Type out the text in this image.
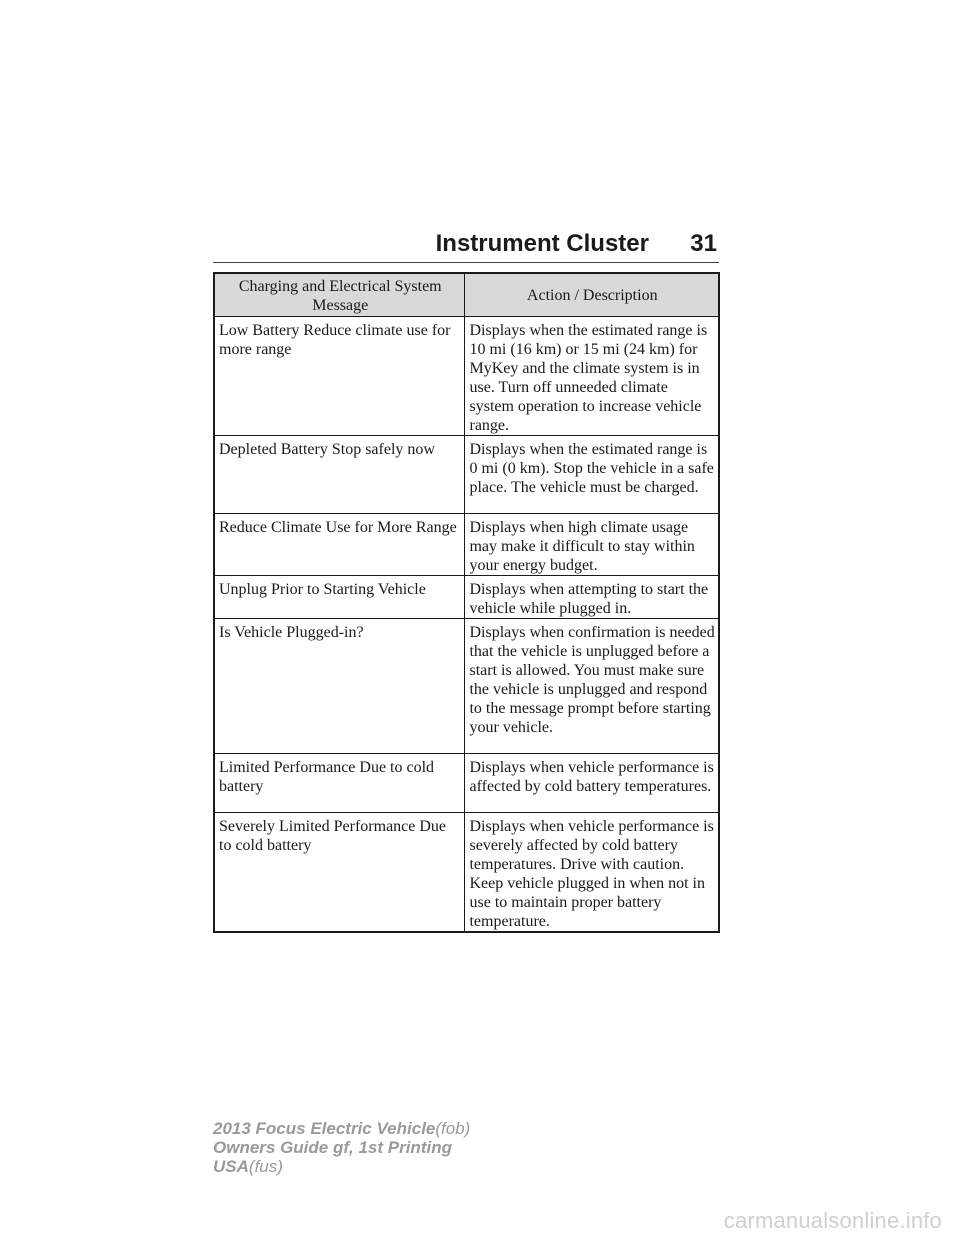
Instrument Cluster 31
Charging and Electrical System Message	Action / Description
Low Battery Reduce climate use for more range	Displays when the estimated range is 10 mi (16 km) or 15 mi (24 km) for MyKey and the climate system is in use. Turn off unneeded climate system operation to increase vehicle range.
Depleted Battery Stop safely now	Displays when the estimated range is 0 mi (0 km). Stop the vehicle in a safe place. The vehicle must be charged.
Reduce Climate Use for More Range	Displays when high climate usage may make it difficult to stay within your energy budget.
Unplug Prior to Starting Vehicle	Displays when attempting to start the vehicle while plugged in.
Is Vehicle Plugged-in?	Displays when confirmation is needed that the vehicle is unplugged before a start is allowed. You must make sure the vehicle is unplugged and respond to the message prompt before starting your vehicle.
Limited Performance Due to cold battery	Displays when vehicle performance is affected by cold battery temperatures.
Severely Limited Performance Due to cold battery	Displays when vehicle performance is severely affected by cold battery temperatures. Drive with caution. Keep vehicle plugged in when not in use to maintain proper battery temperature.
2013 Focus Electric Vehicle(fob)
Owners Guide gf, 1st Printing
USA(fus)
carmanualsonline.info
